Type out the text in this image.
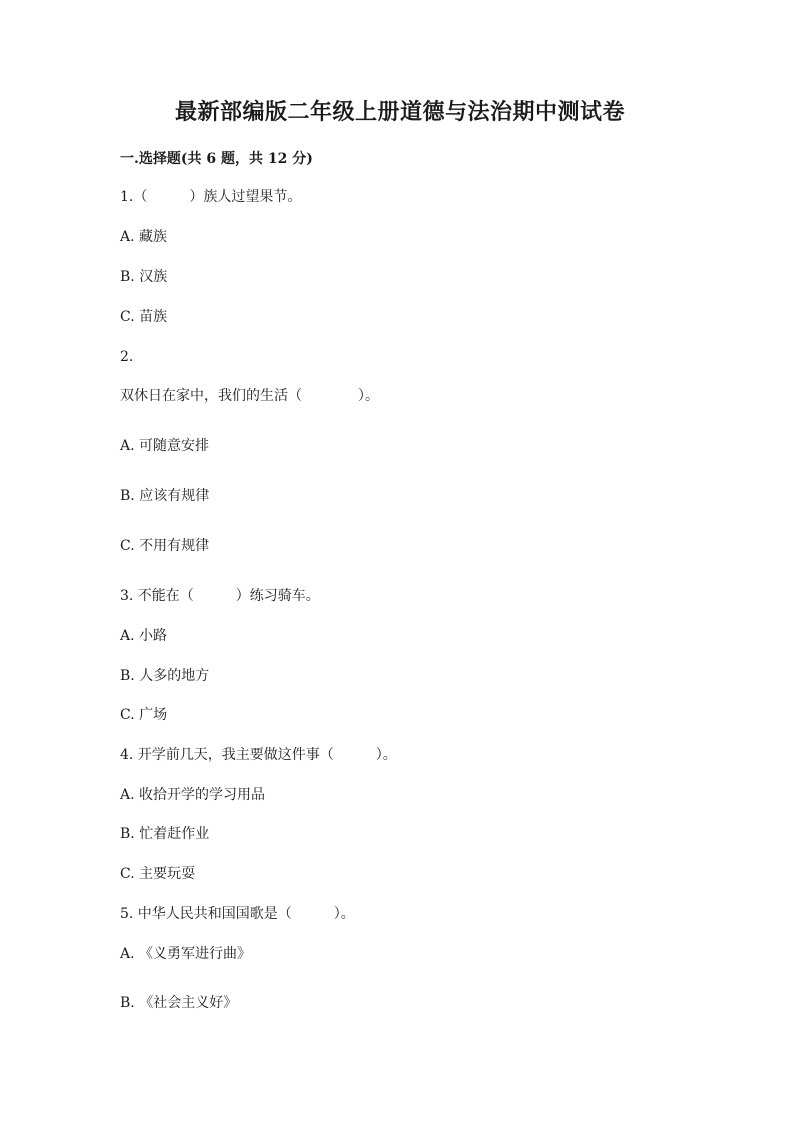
最新部编版二年级上册道德与法治期中测试卷

一.选择题(共 6 题，共 12 分)

1.（　　　）族人过望果节。

A. 藏族

B. 汉族

C. 苗族

2.

双休日在家中，我们的生活（　　　　）。

A. 可随意安排

B. 应该有规律

C. 不用有规律

3. 不能在（　　　）练习骑车。

A. 小路

B. 人多的地方

C. 广场

4. 开学前几天，我主要做这件事（　　　）。

A. 收拾开学的学习用品

B. 忙着赶作业

C. 主要玩耍

5. 中华人民共和国国歌是（　　　）。

A. 《义勇军进行曲》

B. 《社会主义好》
